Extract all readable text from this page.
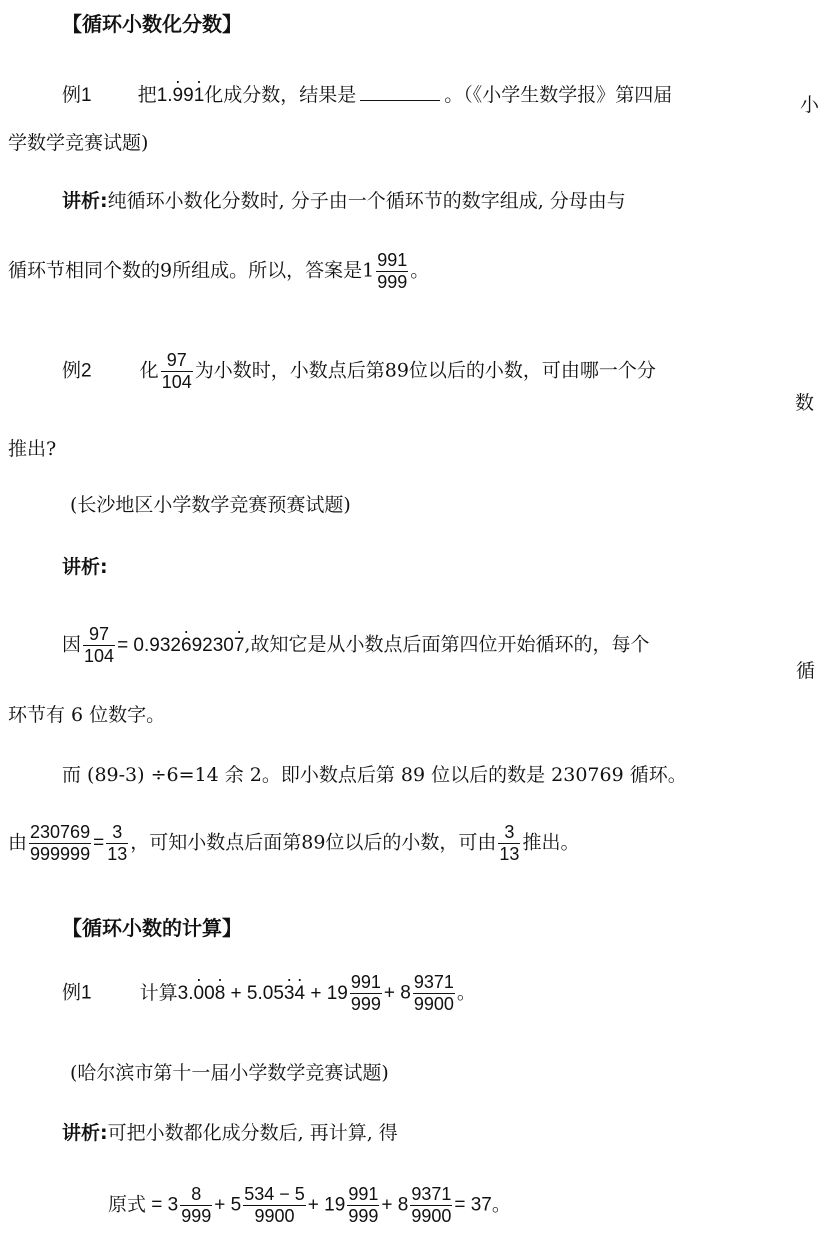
【循环小数化分数】
例1 把1.· 99· 1化成分数，结果是	。（《小学生数学报》第四届	小
学数学竞赛试题)
讲析:纯循环小数化分数时, 分子由一个循环节的数字组成, 分母由与
循环节相同个数的9所组成。所以，答案是$1 \frac{991}{999}$ 。
例2	化 $\frac{97}{104}$ 为小数时，小数点后第89位以后的小数，可由哪一个分
数
推出?
(长沙地区小学数学竞赛预赛试题)
讲析:
因 $\frac{97}{104} = 0.932\cdot 69230\cdot 7$,故知它是从小数点后面第四位开始循环的，每个
循
环节有 6 位数字。
而 (89-3) ÷6=14 余 2。即小数点后第 89 位以后的数是 230769 循环。
由 $\frac{230769}{999999} = \frac{3}{13}$ ，可知小数点后面第89位以后的小数，可由 $\frac{3}{13}$ 推出。
【循环小数的计算】
例1	计算$3.\cdot 00\cdot 8 + 5.05\cdot 3\cdot 4 + 19 \frac{991}{999} + 8 \frac{9371}{9900}$ 。
(哈尔滨市第十一届小学数学竞赛试题)
讲析:可把小数都化成分数后, 再计算, 得
原式 = $3 \frac{8}{999} + 5 \frac{534 - 5}{9900} + 19 \frac{991}{999} + 8 \frac{9371}{9900} = 37$。
